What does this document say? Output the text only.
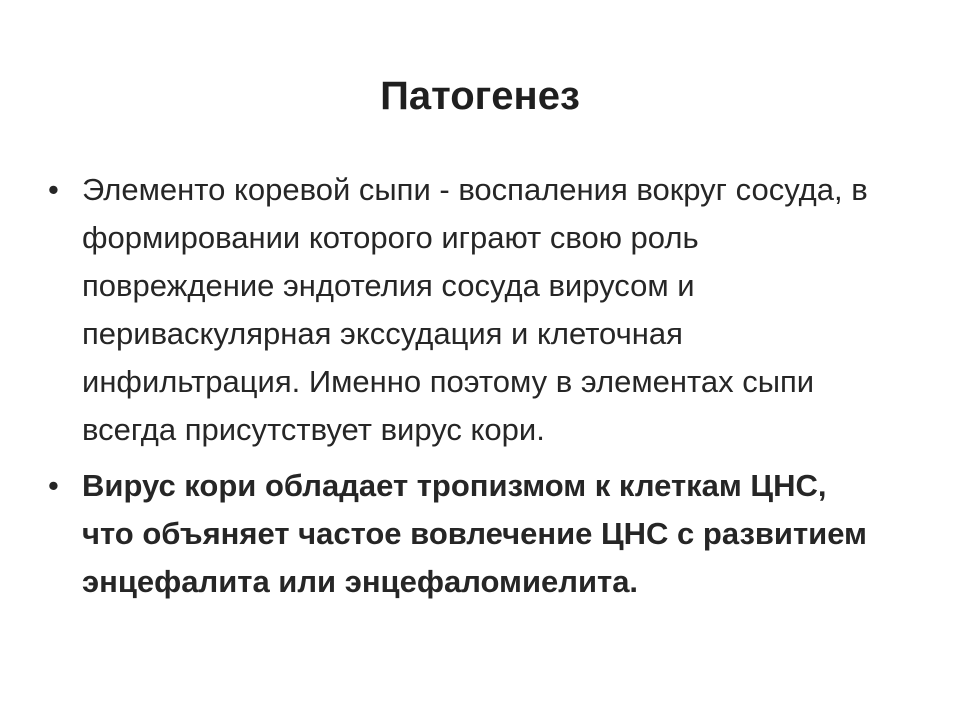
Патогенез
• Элементо коревой сыпи - воспаления вокруг сосуда, в формировании которого играют свою роль повреждение эндотелия сосуда вирусом и периваскулярная экссудация и клеточная инфильтрация. Именно поэтому в элементах сыпи всегда присутствует вирус кори.
• Вирус кори обладает тропизмом к клеткам ЦНС, что объяняет частое вовлечение ЦНС с развитием энцефалита или энцефаломиелита.
